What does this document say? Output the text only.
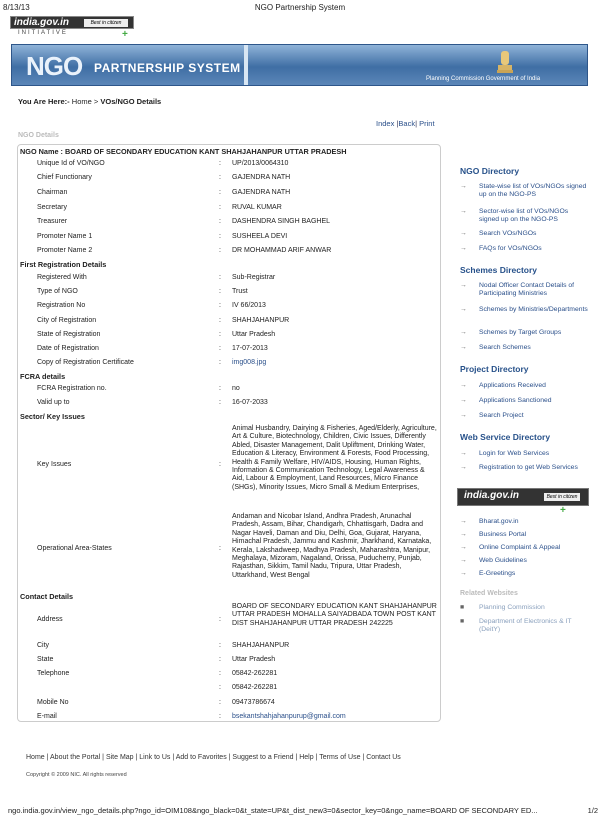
8/13/13	NGO Partnership System
india.gov.in	Best in citizen
INITIATIVE	+
NGO PARTNERSHIP SYSTEM
Planning Commission Government of India
You Are Here:- Home > VOs/NGO Details
Index |Back| Print
NGO Details
NGO Name : BOARD OF SECONDARY EDUCATION KANT SHAHJAHANPUR UTTAR PRADESH
Unique Id of VO/NGO	: UP/2013/0064310
Chief Functionary	: GAJENDRA NATH
Chairman	: GAJENDRA NATH
Secretary	: RUVAL KUMAR
Treasurer	: DASHENDRA SINGH BAGHEL
Promoter Name 1	: SUSHEELA DEVI
Promoter Name 2	: DR MOHAMMAD ARIF ANWAR
First Registration Details
Registered With	: Sub-Registrar
Type of NGO	: Trust
Registration No	: IV 66/2013
City of Registration	: SHAHJAHANPUR
State of Registration	: Uttar Pradesh
Date of Registration	: 17-07-2013
Copy of Registration Certificate	: img008.jpg
FCRA details
FCRA Registration no.	: no
Valid up to	: 16-07-2033
Sector/ Key Issues
Key Issues	:
Animal Husbandry, Dairying & Fisheries, Aged/Elderly, Agriculture, Art & Culture, Biotechnology, Children, Civic Issues, Differently Abled, Disaster Management, Dalit Upliftment, Drinking Water, Education & Literacy, Environment & Forests, Food Processing, Health & Family Welfare, HIV/AIDS, Housing, Human Rights, Information & Communication Technology, Legal Awareness & Aid, Labour & Employment, Land Resources, Micro Finance (SHGs), Minority Issues, Micro Small & Medium Enterprises,
Operational Area-States	:
Andaman and Nicobar Island, Andhra Pradesh, Arunachal Pradesh, Assam, Bihar, Chandigarh, Chhattisgarh, Dadra and Nagar Haveli, Daman and Diu, Delhi, Goa, Gujarat, Haryana, Himachal Pradesh, Jammu and Kashmir, Jharkhand, Karnataka, Kerala, Lakshadweep, Madhya Pradesh, Maharashtra, Manipur, Meghalaya, Mizoram, Nagaland, Orissa, Puducherry, Punjab, Rajasthan, Sikkim, Tamil Nadu, Tripura, Uttar Pradesh, Uttarkhand, West Bengal
Contact Details
Address	:
BOARD OF SECONDARY EDUCATION KANT SHAHJAHANPUR UTTAR PRADESH MOHALLA SAIYADBADA TOWN POST KANT DIST SHAHJAHANPUR UTTAR PRADESH 242225
City	: SHAHJAHANPUR
State	: Uttar Pradesh
Telephone	: 05842-262281
: 05842-262281
Mobile No	: 09473786674
E-mail	: bsekantshahjahanpurup@gmail.com
NGO Directory
→ State-wise list of VOs/NGOs signed up on the NGO-PS
→ Sector-wise list of VOs/NGOs signed up on the NGO-PS
→ Search VOs/NGOs
→ FAQs for VOs/NGOs
Schemes Directory
→ Nodal Officer Contact Details of Participating Ministries
→ Schemes by Ministries/Departments
→ Schemes by Target Groups
→ Search Schemes
Project Directory
→ Applications Received
→ Applications Sanctioned
→ Search Project
Web Service Directory
→ Login for Web Services
→ Registration to get Web Services
india.gov.in	Best in citizen
+
→ Bharat.gov.in
→ Business Portal
→ Online Complaint & Appeal
→ Web Guidelines
→ E-Greetings
Related Websites
■ Planning Commission
■ Department of Electronics & IT (DeitY)
Home | About the Portal | Site Map | Link to Us | Add to Favorites | Suggest to a Friend | Help | Terms of Use | Contact Us
Copyright © 2009 NIC. All rights reserved
ngo.india.gov.in/view_ngo_details.php?ngo_id=OIM108&ngo_black=0&t_state=UP&t_dist_new3=0&sector_key=0&ngo_name=BOARD OF SECONDARY ED...	1/2
